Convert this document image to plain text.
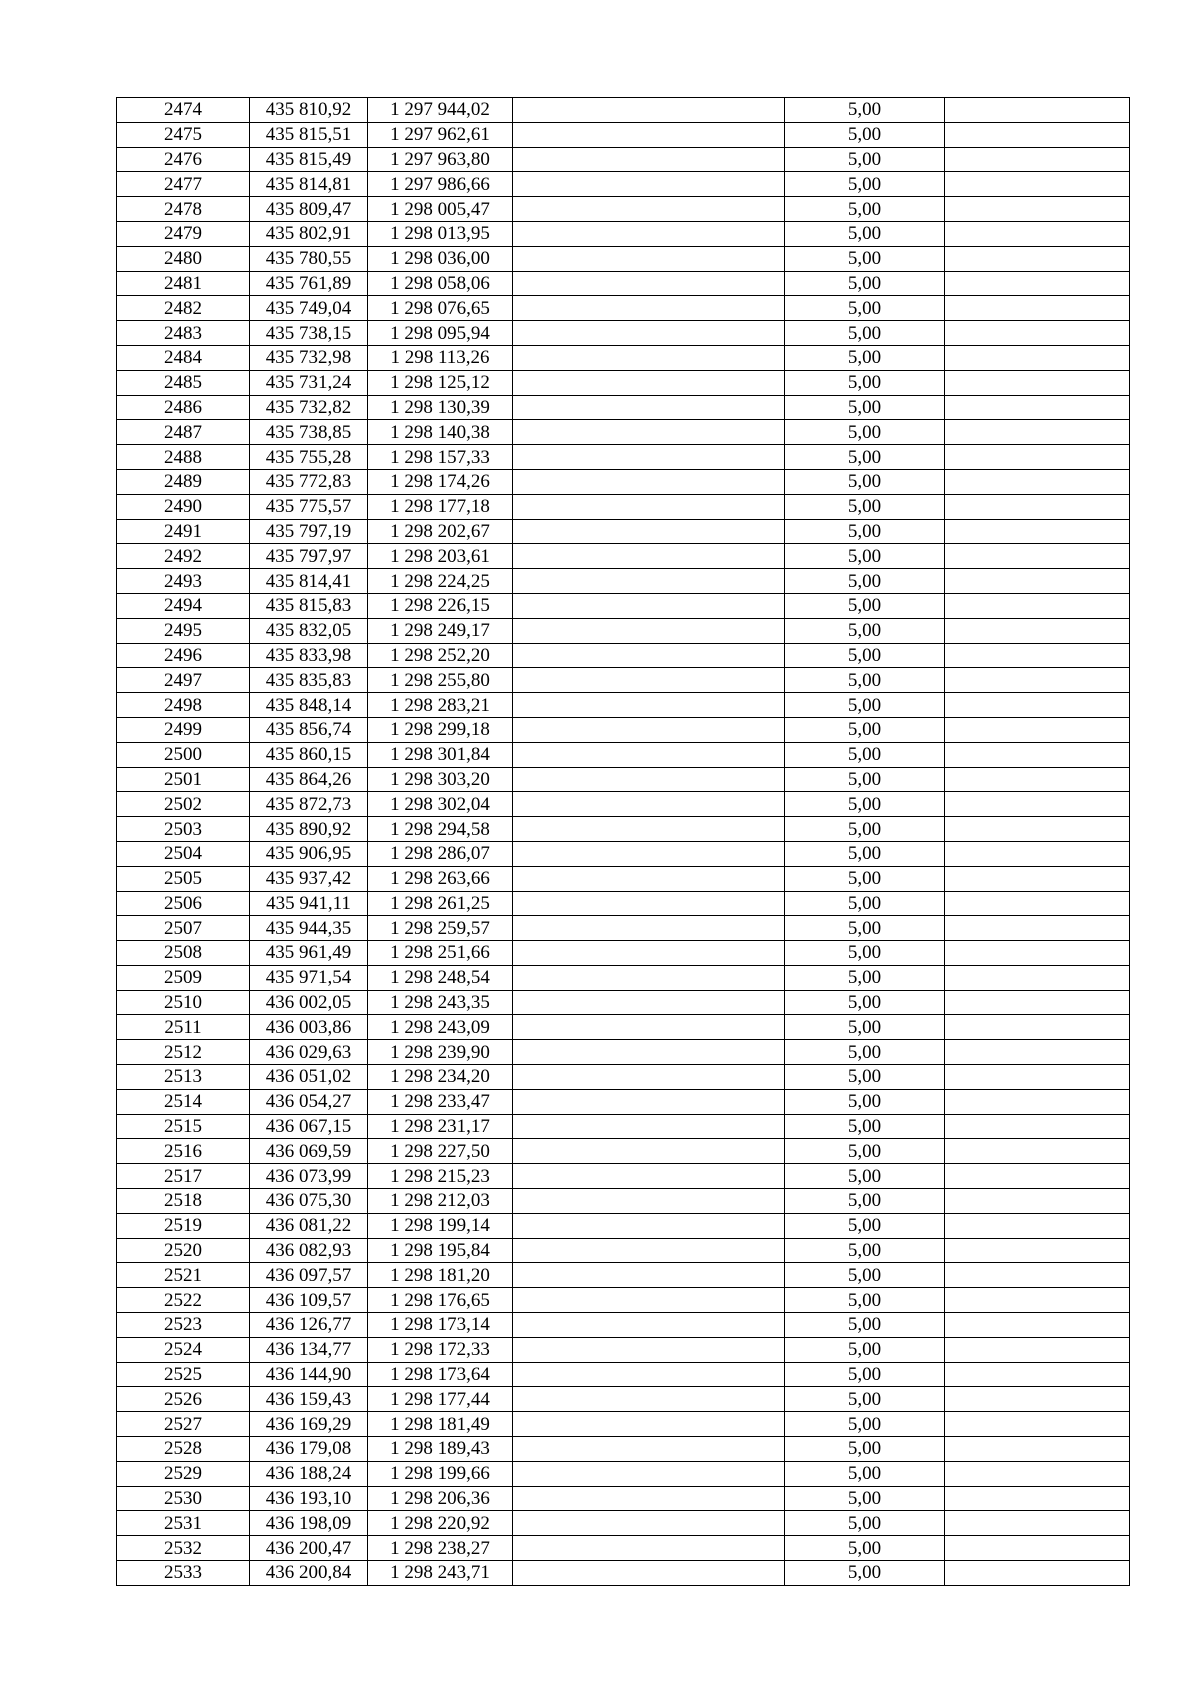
2474	435 810,92	1 297 944,02		5,00	
2475	435 815,51	1 297 962,61		5,00	
2476	435 815,49	1 297 963,80		5,00	
2477	435 814,81	1 297 986,66		5,00	
2478	435 809,47	1 298 005,47		5,00	
2479	435 802,91	1 298 013,95		5,00	
2480	435 780,55	1 298 036,00		5,00	
2481	435 761,89	1 298 058,06		5,00	
2482	435 749,04	1 298 076,65		5,00	
2483	435 738,15	1 298 095,94		5,00	
2484	435 732,98	1 298 113,26		5,00	
2485	435 731,24	1 298 125,12		5,00	
2486	435 732,82	1 298 130,39		5,00	
2487	435 738,85	1 298 140,38		5,00	
2488	435 755,28	1 298 157,33		5,00	
2489	435 772,83	1 298 174,26		5,00	
2490	435 775,57	1 298 177,18		5,00	
2491	435 797,19	1 298 202,67		5,00	
2492	435 797,97	1 298 203,61		5,00	
2493	435 814,41	1 298 224,25		5,00	
2494	435 815,83	1 298 226,15		5,00	
2495	435 832,05	1 298 249,17		5,00	
2496	435 833,98	1 298 252,20		5,00	
2497	435 835,83	1 298 255,80		5,00	
2498	435 848,14	1 298 283,21		5,00	
2499	435 856,74	1 298 299,18		5,00	
2500	435 860,15	1 298 301,84		5,00	
2501	435 864,26	1 298 303,20		5,00	
2502	435 872,73	1 298 302,04		5,00	
2503	435 890,92	1 298 294,58		5,00	
2504	435 906,95	1 298 286,07		5,00	
2505	435 937,42	1 298 263,66		5,00	
2506	435 941,11	1 298 261,25		5,00	
2507	435 944,35	1 298 259,57		5,00	
2508	435 961,49	1 298 251,66		5,00	
2509	435 971,54	1 298 248,54		5,00	
2510	436 002,05	1 298 243,35		5,00	
2511	436 003,86	1 298 243,09		5,00	
2512	436 029,63	1 298 239,90		5,00	
2513	436 051,02	1 298 234,20		5,00	
2514	436 054,27	1 298 233,47		5,00	
2515	436 067,15	1 298 231,17		5,00	
2516	436 069,59	1 298 227,50		5,00	
2517	436 073,99	1 298 215,23		5,00	
2518	436 075,30	1 298 212,03		5,00	
2519	436 081,22	1 298 199,14		5,00	
2520	436 082,93	1 298 195,84		5,00	
2521	436 097,57	1 298 181,20		5,00	
2522	436 109,57	1 298 176,65		5,00	
2523	436 126,77	1 298 173,14		5,00	
2524	436 134,77	1 298 172,33		5,00	
2525	436 144,90	1 298 173,64		5,00	
2526	436 159,43	1 298 177,44		5,00	
2527	436 169,29	1 298 181,49		5,00	
2528	436 179,08	1 298 189,43		5,00	
2529	436 188,24	1 298 199,66		5,00	
2530	436 193,10	1 298 206,36		5,00	
2531	436 198,09	1 298 220,92		5,00	
2532	436 200,47	1 298 238,27		5,00	
2533	436 200,84	1 298 243,71		5,00	
